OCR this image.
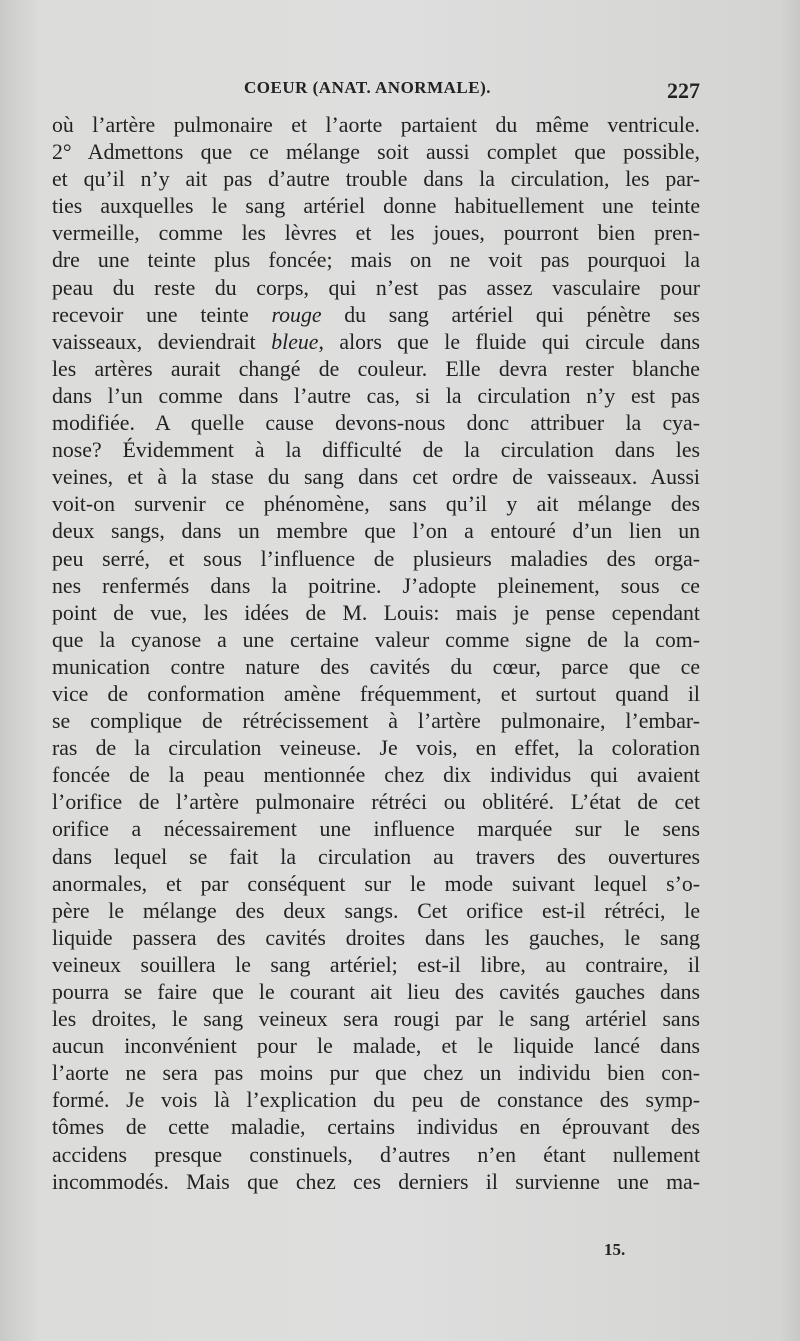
COEUR (ANAT. ANORMALE).	227
où l’artère pulmonaire et l’aorte partaient du même ventricule.
2° Admettons que ce mélange soit aussi complet que possible,
et qu’il n’y ait pas d’autre trouble dans la circulation, les par-
ties auxquelles le sang artériel donne habituellement une teinte
vermeille, comme les lèvres et les joues, pourront bien pren-
dre une teinte plus foncée; mais on ne voit pas pourquoi la
peau du reste du corps, qui n’est pas assez vasculaire pour
recevoir une teinte rouge du sang artériel qui pénètre ses
vaisseaux, deviendrait bleue, alors que le fluide qui circule dans
les artères aurait changé de couleur. Elle devra rester blanche
dans l’un comme dans l’autre cas, si la circulation n’y est pas
modifiée. A quelle cause devons-nous donc attribuer la cya-
nose? Évidemment à la difficulté de la circulation dans les
veines, et à la stase du sang dans cet ordre de vaisseaux. Aussi
voit-on survenir ce phénomène, sans qu’il y ait mélange des
deux sangs, dans un membre que l’on a entouré d’un lien un
peu serré, et sous l’influence de plusieurs maladies des orga-
nes renfermés dans la poitrine. J’adopte pleinement, sous ce
point de vue, les idées de M. Louis: mais je pense cependant
que la cyanose a une certaine valeur comme signe de la com-
munication contre nature des cavités du cœur, parce que ce
vice de conformation amène fréquemment, et surtout quand il
se complique de rétrécissement à l’artère pulmonaire, l’embar-
ras de la circulation veineuse. Je vois, en effet, la coloration
foncée de la peau mentionnée chez dix individus qui avaient
l’orifice de l’artère pulmonaire rétréci ou oblitéré. L’état de cet
orifice a nécessairement une influence marquée sur le sens
dans lequel se fait la circulation au travers des ouvertures
anormales, et par conséquent sur le mode suivant lequel s’o-
père le mélange des deux sangs. Cet orifice est-il rétréci, le
liquide passera des cavités droites dans les gauches, le sang
veineux souillera le sang artériel; est-il libre, au contraire, il
pourra se faire que le courant ait lieu des cavités gauches dans
les droites, le sang veineux sera rougi par le sang artériel sans
aucun inconvénient pour le malade, et le liquide lancé dans
l’aorte ne sera pas moins pur que chez un individu bien con-
formé. Je vois là l’explication du peu de constance des symp-
tômes de cette maladie, certains individus en éprouvant des
accidens presque constinuels, d’autres n’en étant nullement
incommodés. Mais que chez ces derniers il survienne une ma-
15.
